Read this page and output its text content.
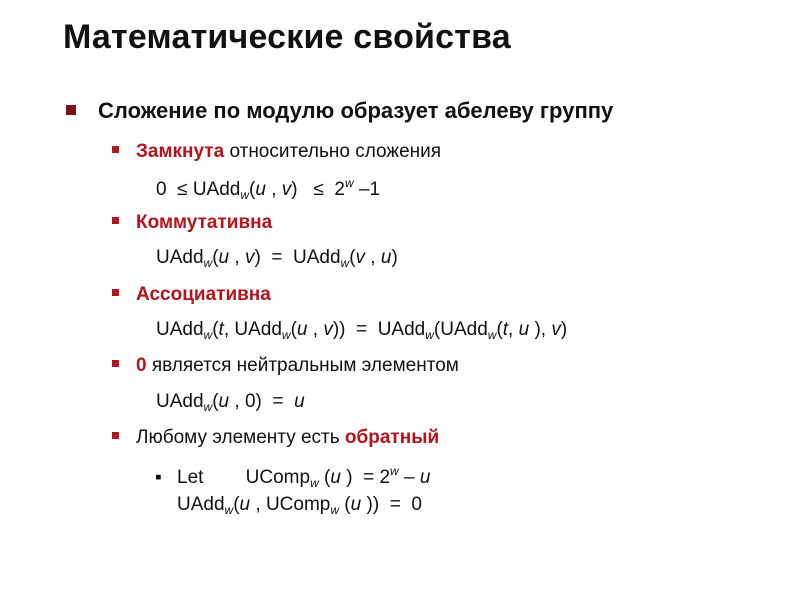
Математические свойства
Сложение по модулю образует абелеву группу
Замкнута относительно сложения
0  ≤ UAdd$_w$(u , v)   ≤  2$^w$ –1
Коммутативна
UAdd$_w$(u , v)  =  UAdd$_w$(v , u)
Ассоциативна
UAdd$_w$(t, UAdd$_w$(u , v))  =  UAdd$_w$(UAdd$_w$(t, u ), v)
0 является нейтральным элементом
UAdd$_w$(u , 0)  =  u
Любому элементу есть обратный
▪ Let UComp$_w$ (u )  = $2^w$ – u
UAdd$_w$(u , UComp$_w$ (u ))  =  0
